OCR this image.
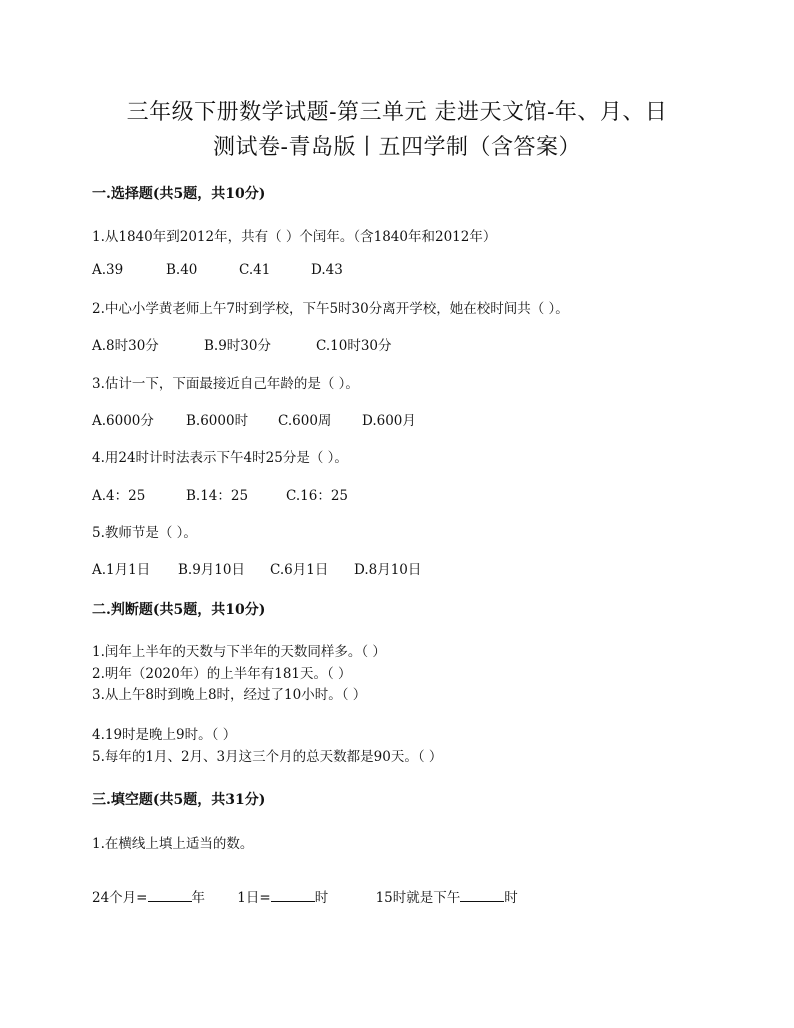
三年级下册数学试题-第三单元 走进天文馆-年、月、日
测试卷-青岛版丨五四学制（含答案）
一.选择题(共5题，共10分)
1.从1840年到2012年，共有（ ）个闰年。（含1840年和2012年）
A.39	B.40	C.41	D.43
2.中心小学黄老师上午7时到学校，下午5时30分离开学校，她在校时间共（ ）。
A.8时30分	B.9时30分	C.10时30分
3.估计一下，下面最接近自己年龄的是（ ）。
A.6000分	B.6000时	C.600周	D.600月
4.用24时计时法表示下午4时25分是（ ）。
A.4：25	B.14：25	C.16：25
5.教师节是（ ）。
A.1月1日	B.9月10日	C.6月1日	D.8月10日
二.判断题(共5题，共10分)
1.闰年上半年的天数与下半年的天数同样多。（ ）
2.明年（2020年）的上半年有181天。（ ）
3.从上午8时到晚上8时，经过了10小时。（ ）
4.19时是晚上9时。（ ）
5.每年的1月、2月、3月这三个月的总天数都是90天。（ ）
三.填空题(共5题，共31分)
1.在横线上填上适当的数。
24个月=	年 1日=	时	15时就是下午	时
